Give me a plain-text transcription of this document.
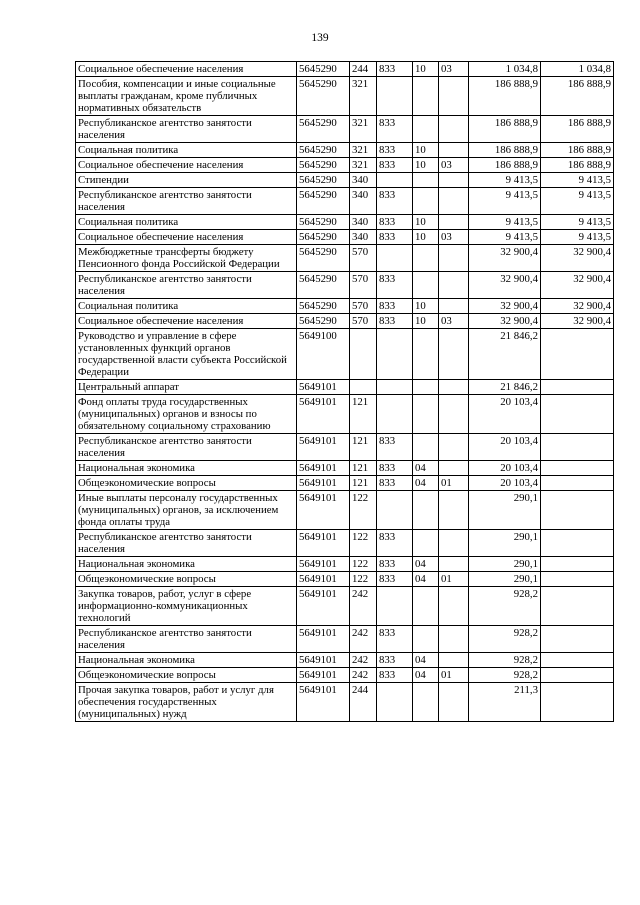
139
Социальное обеспечение населения	5645290	244	833	10	03	1 034,8	1 034,8
Пособия, компенсации и иные социальные выплаты гражданам, кроме публичных нормативных обязательств	5645290	321				186 888,9	186 888,9
Республиканское агентство занятости населения	5645290	321	833			186 888,9	186 888,9
Социальная политика	5645290	321	833	10		186 888,9	186 888,9
Социальное обеспечение населения	5645290	321	833	10	03	186 888,9	186 888,9
Стипендии	5645290	340				9 413,5	9 413,5
Республиканское агентство занятости населения	5645290	340	833			9 413,5	9 413,5
Социальная политика	5645290	340	833	10		9 413,5	9 413,5
Социальное обеспечение населения	5645290	340	833	10	03	9 413,5	9 413,5
Межбюджетные трансферты бюджету Пенсионного фонда Российской Федерации	5645290	570				32 900,4	32 900,4
Республиканское агентство занятости населения	5645290	570	833			32 900,4	32 900,4
Социальная политика	5645290	570	833	10		32 900,4	32 900,4
Социальное обеспечение населения	5645290	570	833	10	03	32 900,4	32 900,4
Руководство и управление в сфере установленных функций органов государственной власти субъекта Российской Федерации	5649100					21 846,2	
Центральный аппарат	5649101					21 846,2	
Фонд оплаты труда государственных (муниципальных) органов и взносы по обязательному социальному страхованию	5649101	121				20 103,4	
Республиканское агентство занятости населения	5649101	121	833			20 103,4	
Национальная экономика	5649101	121	833	04		20 103,4	
Общеэкономические вопросы	5649101	121	833	04	01	20 103,4	
Иные выплаты персоналу государственных (муниципальных) органов, за исключением фонда оплаты труда	5649101	122				290,1	
Республиканское агентство занятости населения	5649101	122	833			290,1	
Национальная экономика	5649101	122	833	04		290,1	
Общеэкономические вопросы	5649101	122	833	04	01	290,1	
Закупка товаров, работ, услуг в сфере информационно-коммуникационных технологий	5649101	242				928,2	
Республиканское агентство занятости населения	5649101	242	833			928,2	
Национальная экономика	5649101	242	833	04		928,2	
Общеэкономические вопросы	5649101	242	833	04	01	928,2	
Прочая закупка товаров, работ и услуг для обеспечения государственных (муниципальных) нужд	5649101	244				211,3	
